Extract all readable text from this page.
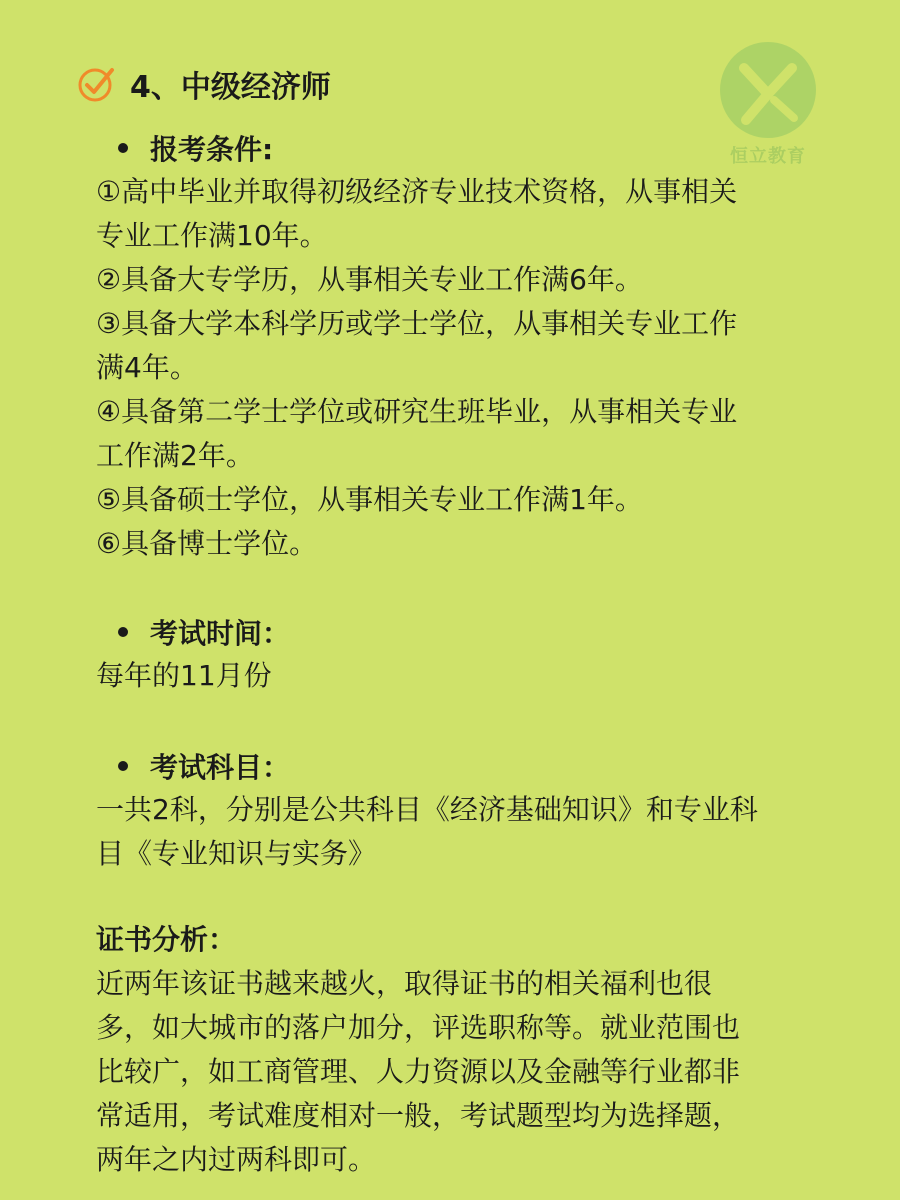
恒立教育
4、中级经济师
报考条件:
①高中毕业并取得初级经济专业技术资格，从事相关
专业工作满10年。
②具备大专学历，从事相关专业工作满6年。
③具备大学本科学历或学士学位，从事相关专业工作
满4年。
④具备第二学士学位或研究生班毕业，从事相关专业
工作满2年。
⑤具备硕士学位，从事相关专业工作满1年。
⑥具备博士学位。
考试时间：
每年的11月份
考试科目：
一共2科，分别是公共科目《经济基础知识》和专业科
目《专业知识与实务》
证书分析：
近两年该证书越来越火，取得证书的相关福利也很
多，如大城市的落户加分，评选职称等。就业范围也
比较广，如工商管理、人力资源以及金融等行业都非
常适用，考试难度相对一般，考试题型均为选择题，
两年之内过两科即可。
